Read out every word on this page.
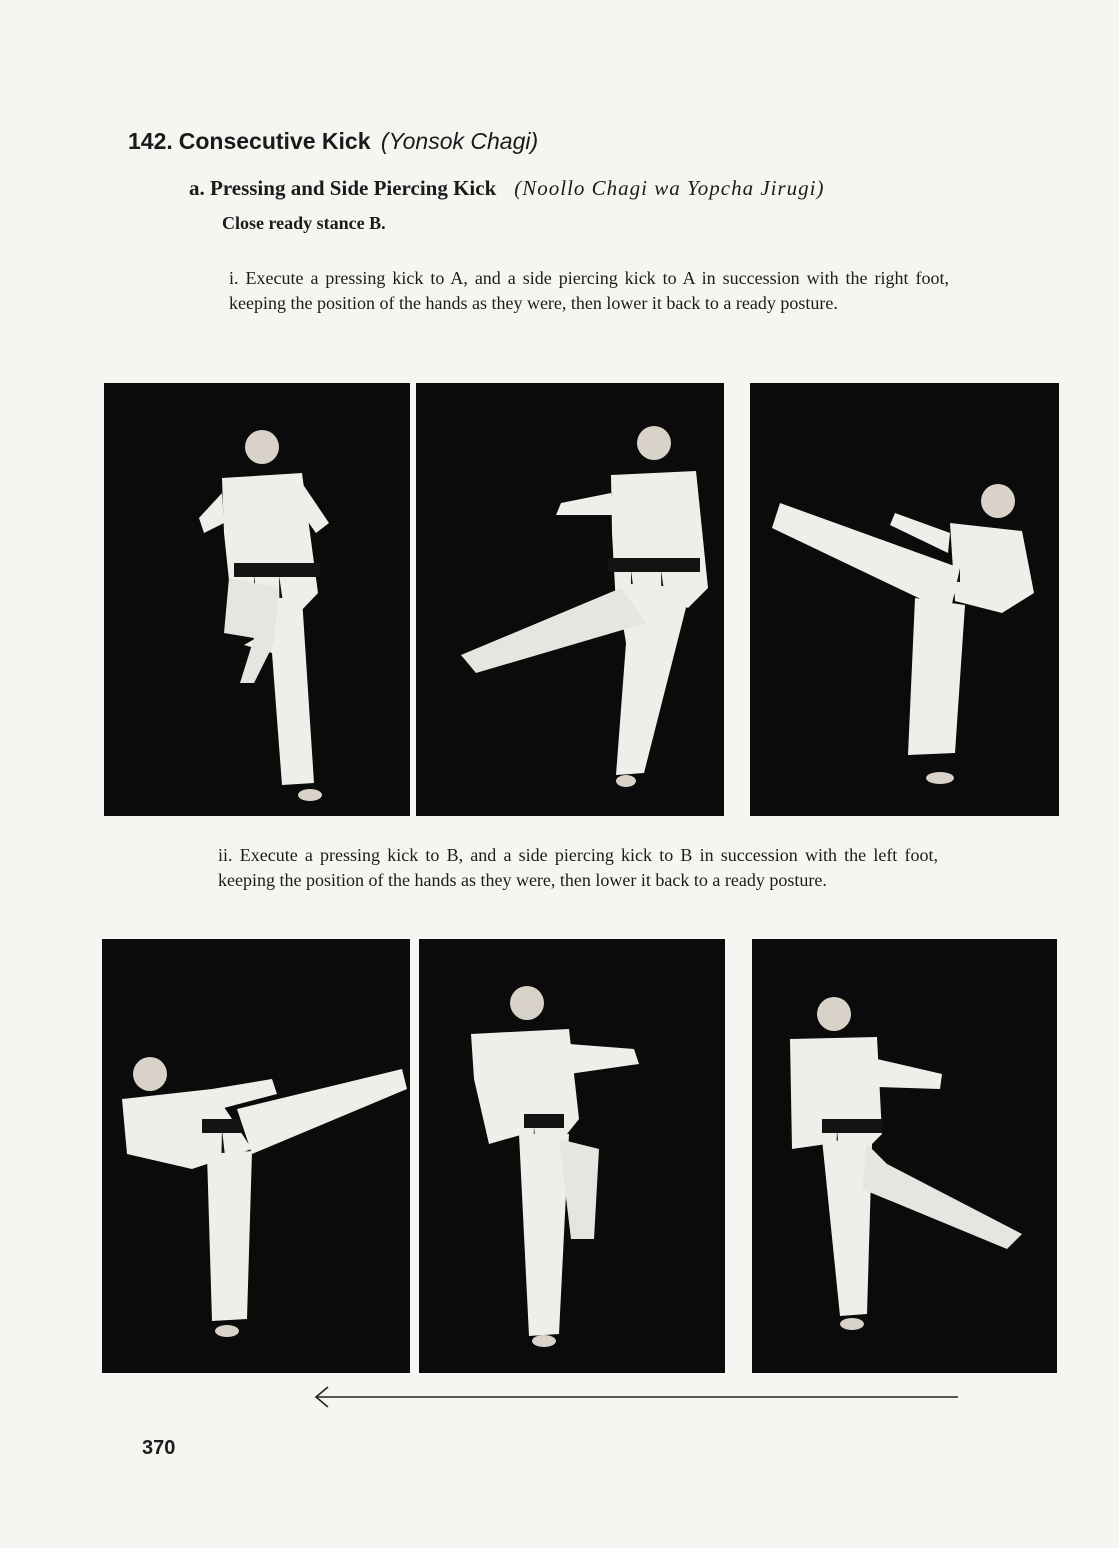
142. Consecutive Kick (Yonsok Chagi)
a. Pressing and Side Piercing Kick (Noollo Chagi wa Yopcha Jirugi)

Close ready stance B.

i. Execute a pressing kick to A, and a side piercing kick to A in succession with the right foot, keeping the position of the hands as they were, then lower it back to a ready posture.

ii. Execute a pressing kick to B, and a side piercing kick to B in succession with the left foot, keeping the position of the hands as they were, then lower it back to a ready posture.

370
